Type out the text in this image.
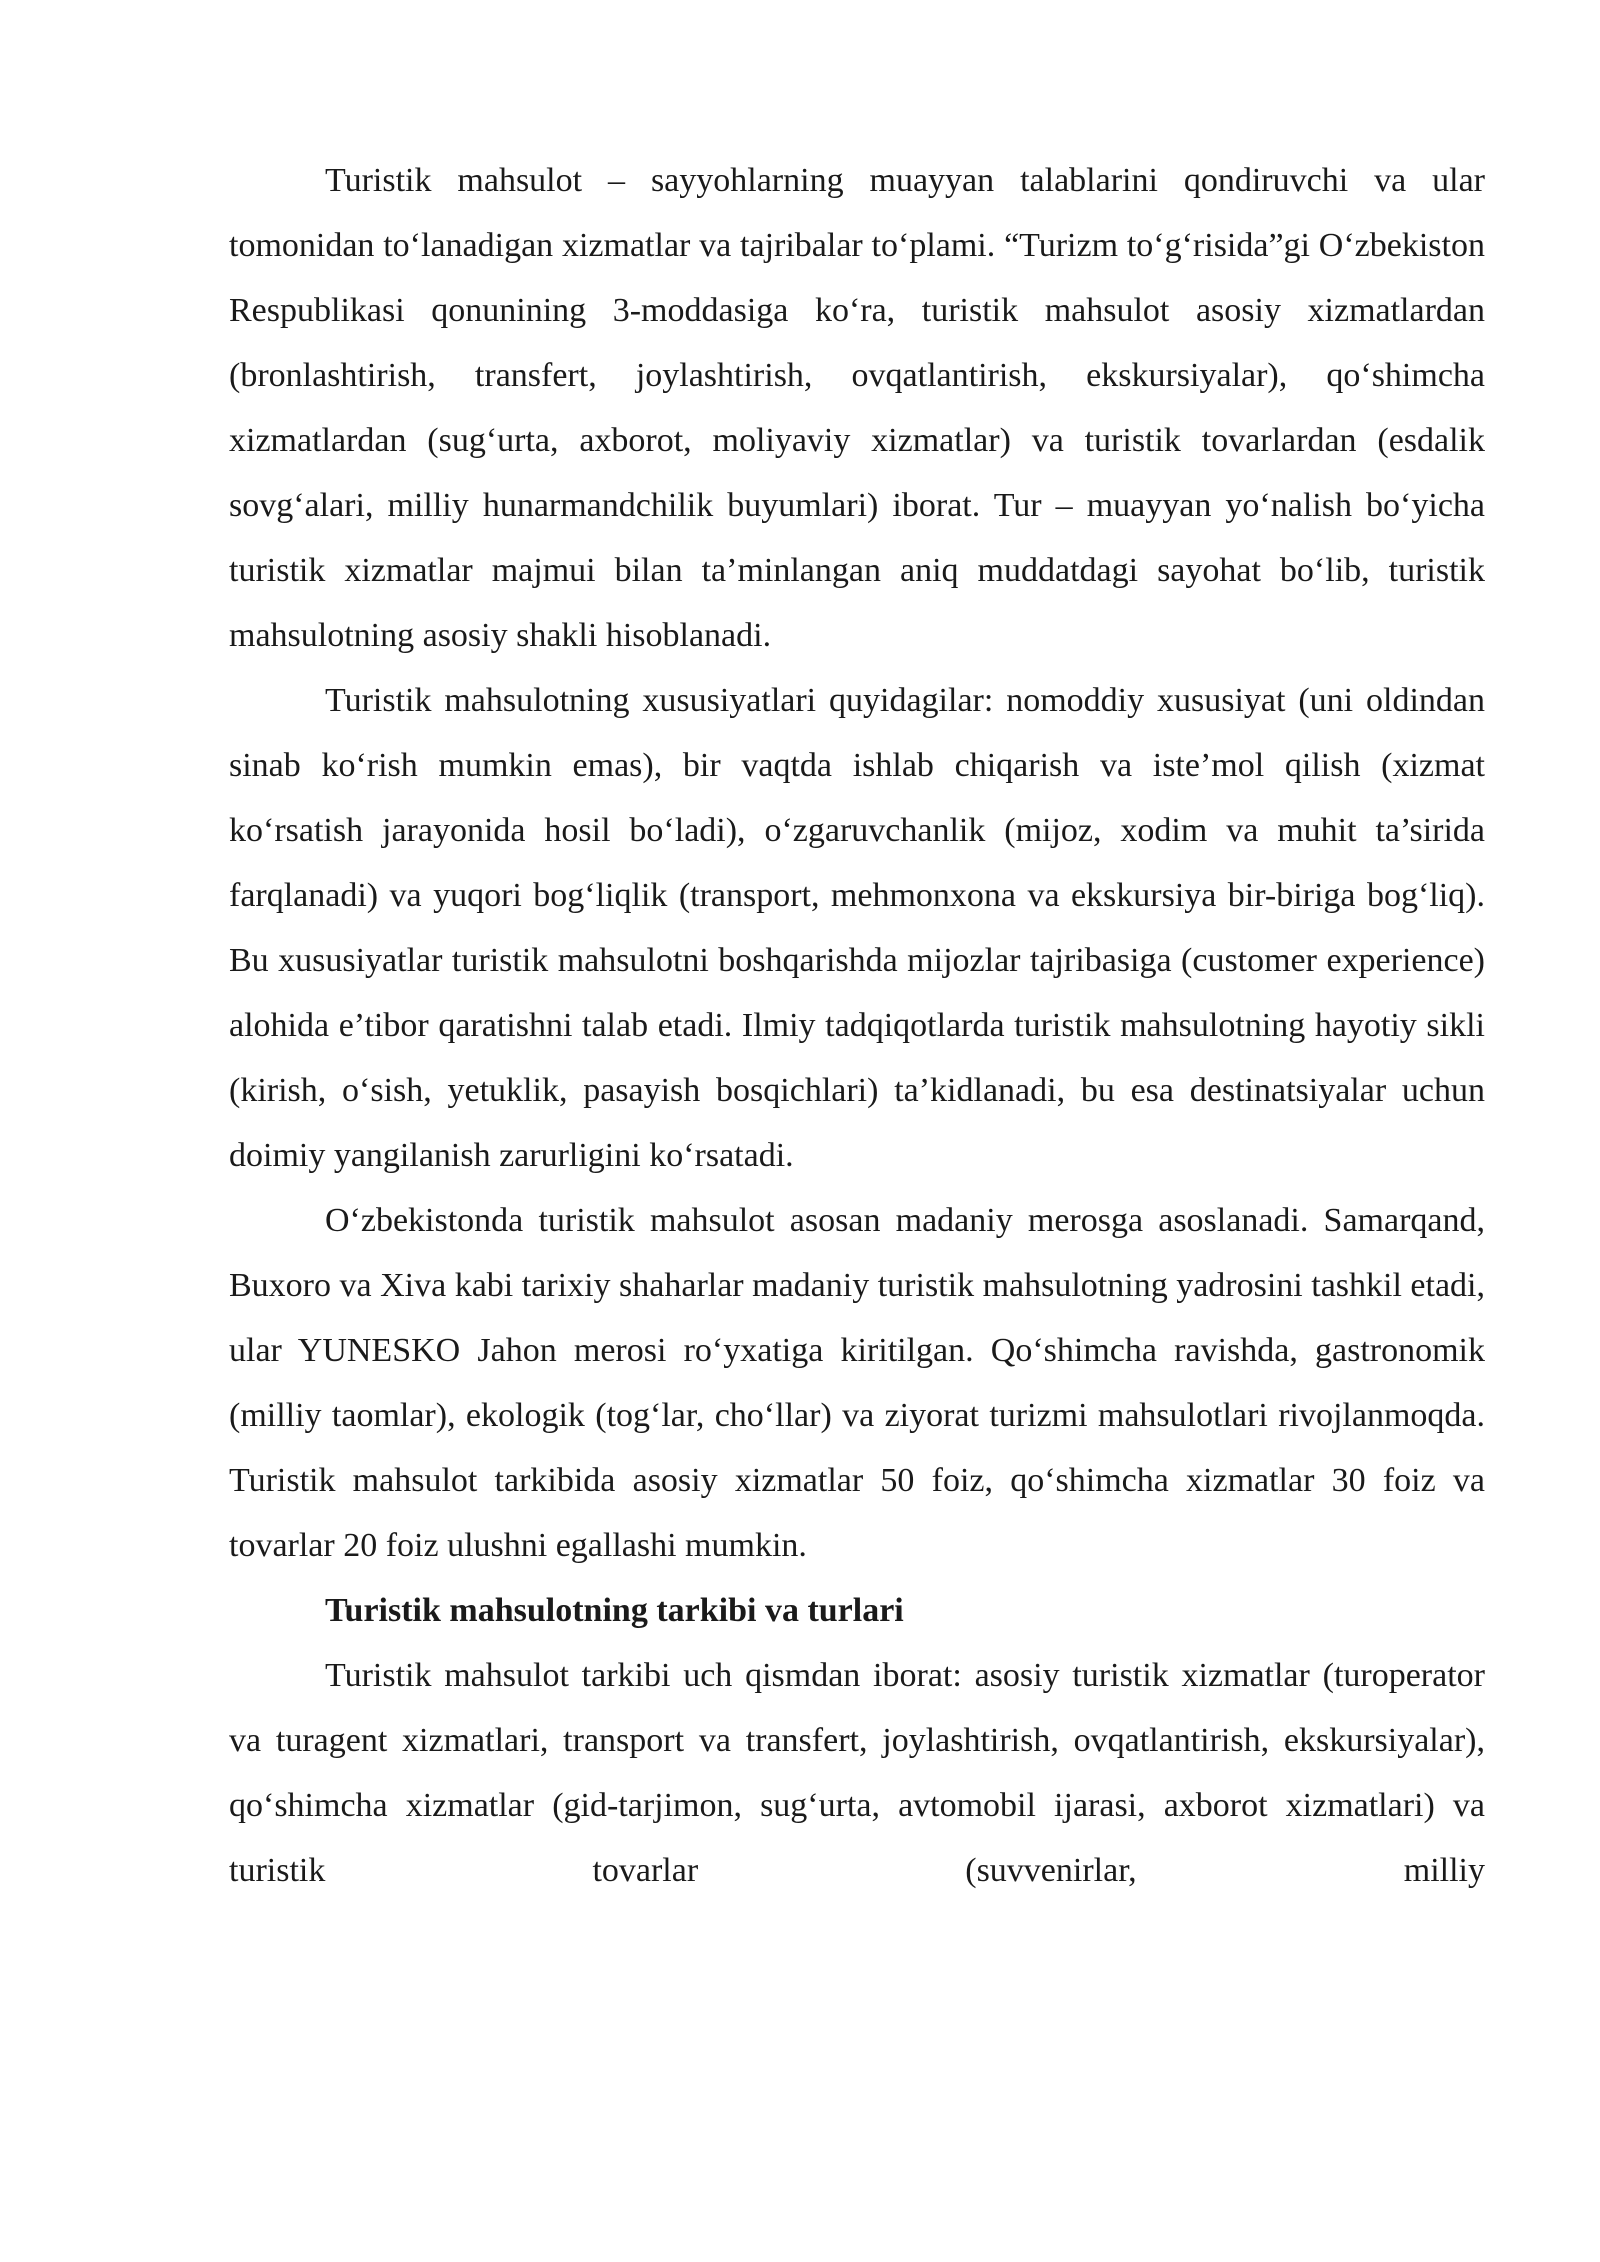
Turistik mahsulot – sayyohlarning muayyan talablarini qondiruvchi va ular tomonidan to‘lanadigan xizmatlar va tajribalar to‘plami. “Turizm to‘g‘risida”gi O‘zbekiston Respublikasi qonunining 3-moddasiga ko‘ra, turistik mahsulot asosiy xizmatlardan (bronlashtirish, transfert, joylashtirish, ovqatlantirish, ekskursiyalar), qo‘shimcha xizmatlardan (sug‘urta, axborot, moliyaviy xizmatlar) va turistik tovarlardan (esdalik sovg‘alari, milliy hunarmandchilik buyumlari) iborat. Tur – muayyan yo‘nalish bo‘yicha turistik xizmatlar majmui bilan ta’minlangan aniq muddatdagi sayohat bo‘lib, turistik mahsulotning asosiy shakli hisoblanadi.

Turistik mahsulotning xususiyatlari quyidagilar: nomoddiy xususiyat (uni oldindan sinab ko‘rish mumkin emas), bir vaqtda ishlab chiqarish va iste’mol qilish (xizmat ko‘rsatish jarayonida hosil bo‘ladi), o‘zgaruvchanlik (mijoz, xodim va muhit ta’sirida farqlanadi) va yuqori bog‘liqlik (transport, mehmonxona va ekskursiya bir-biriga bog‘liq). Bu xususiyatlar turistik mahsulotni boshqarishda mijozlar tajribasiga (customer experience) alohida e’tibor qaratishni talab etadi. Ilmiy tadqiqotlarda turistik mahsulotning hayotiy sikli (kirish, o‘sish, yetuklik, pasayish bosqichlari) ta’kidlanadi, bu esa destinatsiyalar uchun doimiy yangilanish zarurligini ko‘rsatadi.

O‘zbekistonda turistik mahsulot asosan madaniy merosga asoslanadi. Samarqand, Buxoro va Xiva kabi tarixiy shaharlar madaniy turistik mahsulotning yadrosini tashkil etadi, ular YUNESKO Jahon merosi ro‘yxatiga kiritilgan. Qo‘shimcha ravishda, gastronomik (milliy taomlar), ekologik (tog‘lar, cho‘llar) va ziyorat turizmi mahsulotlari rivojlanmoqda. Turistik mahsulot tarkibida asosiy xizmatlar 50 foiz, qo‘shimcha xizmatlar 30 foiz va tovarlar 20 foiz ulushni egallashi mumkin.

Turistik mahsulotning tarkibi va turlari

Turistik mahsulot tarkibi uch qismdan iborat: asosiy turistik xizmatlar (turoperator va turagent xizmatlari, transport va transfert, joylashtirish, ovqatlantirish, ekskursiyalar), qo‘shimcha xizmatlar (gid-tarjimon, sug‘urta, avtomobil ijarasi, axborot xizmatlari) va turistik tovarlar (suvvenirlar, milliy
